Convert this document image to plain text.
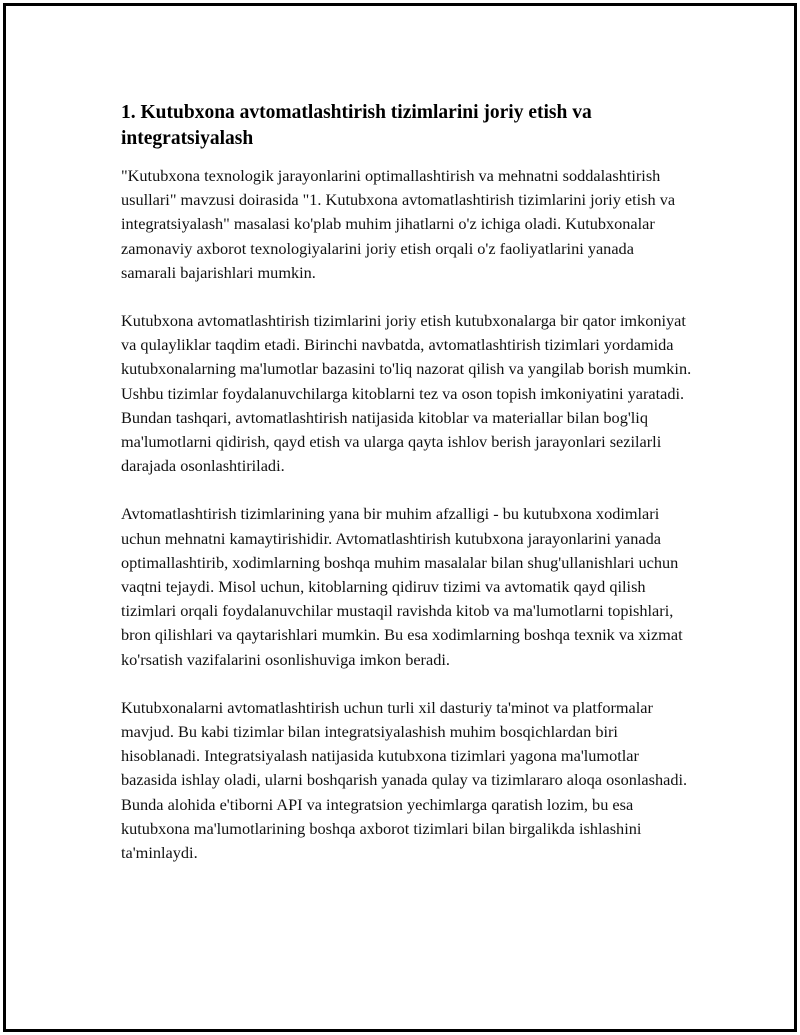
1. Kutubxona avtomatlashtirish tizimlarini joriy etish va integratsiyalash

"Kutubxona texnologik jarayonlarini optimallashtirish va mehnatni soddalashtirish usullari" mavzusi doirasida "1. Kutubxona avtomatlashtirish tizimlarini joriy etish va integratsiyalash" masalasi ko'plab muhim jihatlarni o'z ichiga oladi. Kutubxonalar zamonaviy axborot texnologiyalarini joriy etish orqali o'z faoliyatlarini yanada samarali bajarishlari mumkin.

Kutubxona avtomatlashtirish tizimlarini joriy etish kutubxonalarga bir qator imkoniyat va qulayliklar taqdim etadi. Birinchi navbatda, avtomatlashtirish tizimlari yordamida kutubxonalarning ma'lumotlar bazasini to'liq nazorat qilish va yangilab borish mumkin. Ushbu tizimlar foydalanuvchilarga kitoblarni tez va oson topish imkoniyatini yaratadi. Bundan tashqari, avtomatlashtirish natijasida kitoblar va materiallar bilan bog'liq ma'lumotlarni qidirish, qayd etish va ularga qayta ishlov berish jarayonlari sezilarli darajada osonlashtiriladi.

Avtomatlashtirish tizimlarining yana bir muhim afzalligi - bu kutubxona xodimlari uchun mehnatni kamaytirishidir. Avtomatlashtirish kutubxona jarayonlarini yanada optimallashtirib, xodimlarning boshqa muhim masalalar bilan shug'ullanishlari uchun vaqtni tejaydi. Misol uchun, kitoblarning qidiruv tizimi va avtomatik qayd qilish tizimlari orqali foydalanuvchilar mustaqil ravishda kitob va ma'lumotlarni topishlari, bron qilishlari va qaytarishlari mumkin. Bu esa xodimlarning boshqa texnik va xizmat ko'rsatish vazifalarini osonlishuviga imkon beradi.

Kutubxonalarni avtomatlashtirish uchun turli xil dasturiy ta'minot va platformalar mavjud. Bu kabi tizimlar bilan integratsiyalashish muhim bosqichlardan biri hisoblanadi. Integratsiyalash natijasida kutubxona tizimlari yagona ma'lumotlar bazasida ishlay oladi, ularni boshqarish yanada qulay va tizimlararo aloqa osonlashadi. Bunda alohida e'tiborni API va integratsion yechimlarga qaratish lozim, bu esa kutubxona ma'lumotlarining boshqa axborot tizimlari bilan birgalikda ishlashini ta'minlaydi.
